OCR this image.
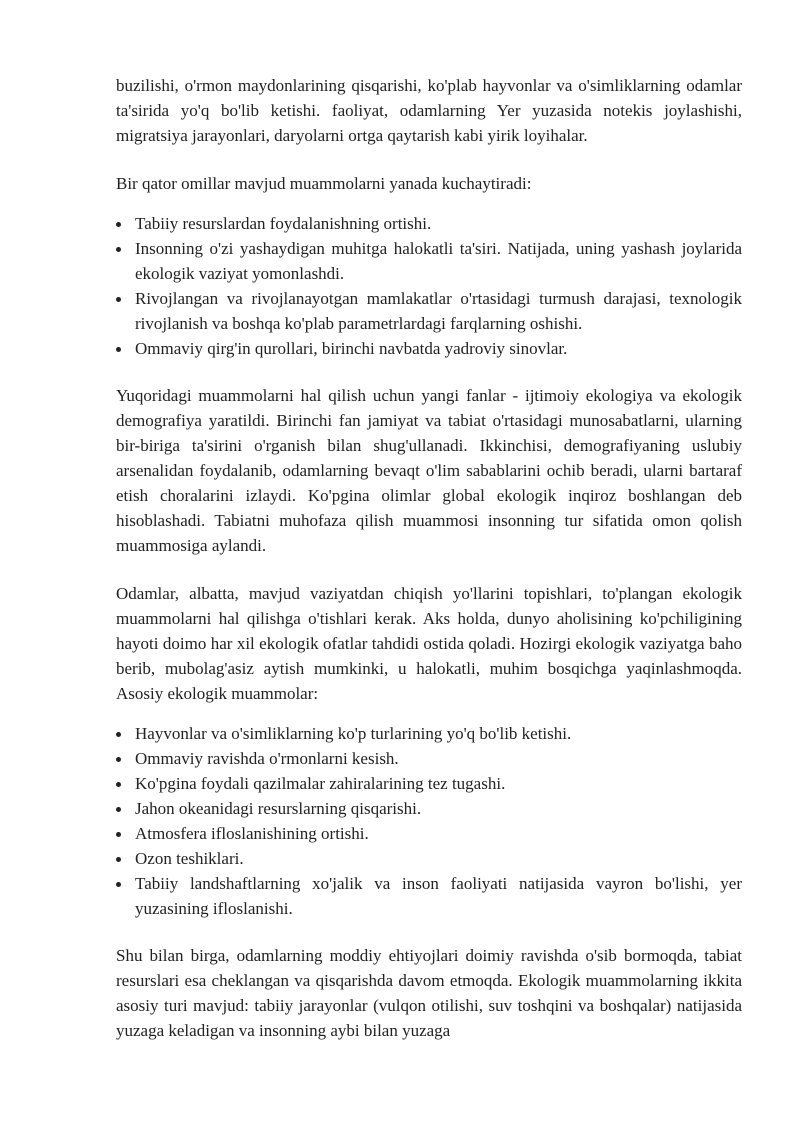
buzilishi, o'rmon maydonlarining qisqarishi, ko'plab hayvonlar va o'simliklarning odamlar ta'sirida yo'q bo'lib ketishi. faoliyat, odamlarning Yer yuzasida notekis joylashishi, migratsiya jarayonlari, daryolarni ortga qaytarish kabi yirik loyihalar.

Bir qator omillar mavjud muammolarni yanada kuchaytiradi:

Tabiiy resurslardan foydalanishning ortishi.
Insonning o'zi yashaydigan muhitga halokatli ta'siri. Natijada, uning yashash joylarida ekologik vaziyat yomonlashdi.
Rivojlangan va rivojlanayotgan mamlakatlar o'rtasidagi turmush darajasi, texnologik rivojlanish va boshqa ko'plab parametrlardagi farqlarning oshishi.
Ommaviy qirg'in qurollari, birinchi navbatda yadroviy sinovlar.

Yuqoridagi muammolarni hal qilish uchun yangi fanlar - ijtimoiy ekologiya va ekologik demografiya yaratildi. Birinchi fan jamiyat va tabiat o'rtasidagi munosabatlarni, ularning bir-biriga ta'sirini o'rganish bilan shug'ullanadi. Ikkinchisi, demografiyaning uslubiy arsenalidan foydalanib, odamlarning bevaqt o'lim sabablarini ochib beradi, ularni bartaraf etish choralarini izlaydi. Ko'pgina olimlar global ekologik inqiroz boshlangan deb hisoblashadi. Tabiatni muhofaza qilish muammosi insonning tur sifatida omon qolish muammosiga aylandi.

Odamlar, albatta, mavjud vaziyatdan chiqish yo'llarini topishlari, to'plangan ekologik muammolarni hal qilishga o'tishlari kerak. Aks holda, dunyo aholisining ko'pchiligining hayoti doimo har xil ekologik ofatlar tahdidi ostida qoladi. Hozirgi ekologik vaziyatga baho berib, mubolag'asiz aytish mumkinki, u halokatli, muhim bosqichga yaqinlashmoqda. Asosiy ekologik muammolar:

Hayvonlar va o'simliklarning ko'p turlarining yo'q bo'lib ketishi.
Ommaviy ravishda o'rmonlarni kesish.
Ko'pgina foydali qazilmalar zahiralarining tez tugashi.
Jahon okeanidagi resurslarning qisqarishi.
Atmosfera ifloslanishining ortishi.
Ozon teshiklari.
Tabiiy landshaftlarning xo'jalik va inson faoliyati natijasida vayron bo'lishi, yer yuzasining ifloslanishi.

Shu bilan birga, odamlarning moddiy ehtiyojlari doimiy ravishda o'sib bormoqda, tabiat resurslari esa cheklangan va qisqarishda davom etmoqda. Ekologik muammolarning ikkita asosiy turi mavjud: tabiiy jarayonlar (vulqon otilishi, suv toshqini va boshqalar) natijasida yuzaga keladigan va insonning aybi bilan yuzaga
